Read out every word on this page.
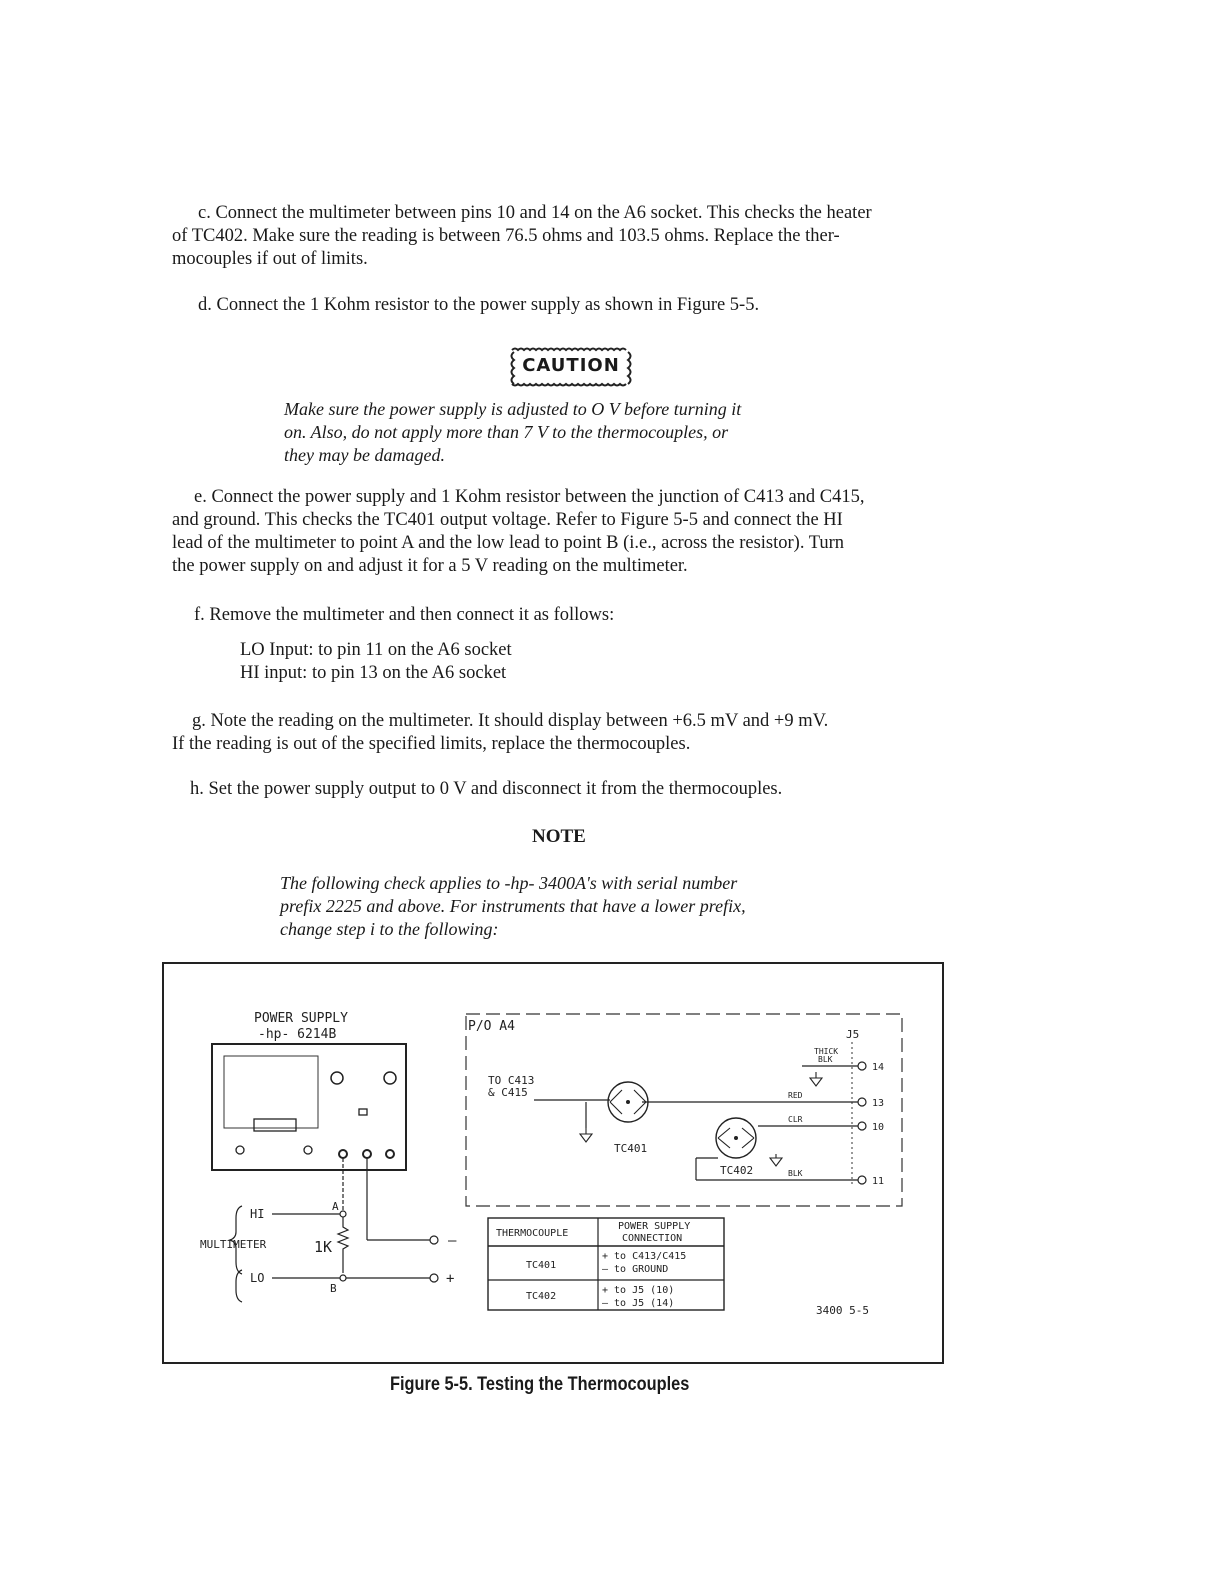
c. Connect the multimeter between pins 10 and 14 on the A6 socket. This checks the heater
of TC402. Make sure the reading is between 76.5 ohms and 103.5 ohms. Replace the ther-
mocouples if out of limits.
d. Connect the 1 Kohm resistor to the power supply as shown in Figure 5-5.
CAUTION
Make sure the power supply is adjusted to O V before turning it
on. Also, do not apply more than 7 V to the thermocouples, or
they may be damaged.
e. Connect the power supply and 1 Kohm resistor between the junction of C413 and C415,
and ground. This checks the TC401 output voltage. Refer to Figure 5-5 and connect the HI
lead of the multimeter to point A and the low lead to point B (i.e., across the resistor). Turn
the power supply on and adjust it for a 5 V reading on the multimeter.
f. Remove the multimeter and then connect it as follows:
LO Input: to pin 11 on the A6 socket
HI input: to pin 13 on the A6 socket
g. Note the reading on the multimeter. It should display between +6.5 mV and +9 mV.
If the reading is out of the specified limits, replace the thermocouples.
h. Set the power supply output to 0 V and disconnect it from the thermocouples.
NOTE
The following check applies to -hp- 3400A's with serial number
prefix 2225 and above. For instruments that have a lower prefix,
change step i to the following:
POWER SUPPLY
-hp- 6214B
HI
MULTIMETER
LO
1K
A
B
–
+
P/O A4
J5
THICK
BLK
14
13
10
11
RED
CLR
BLK
TO C413
& C415
TC401
TC402
THERMOCOUPLE
POWER SUPPLY
CONNECTION
TC401
+ to C413/C415
– to GROUND
TC402
+ to J5 (10)
– to J5 (14)
3400 5-5
Figure 5-5. Testing the Thermocouples
